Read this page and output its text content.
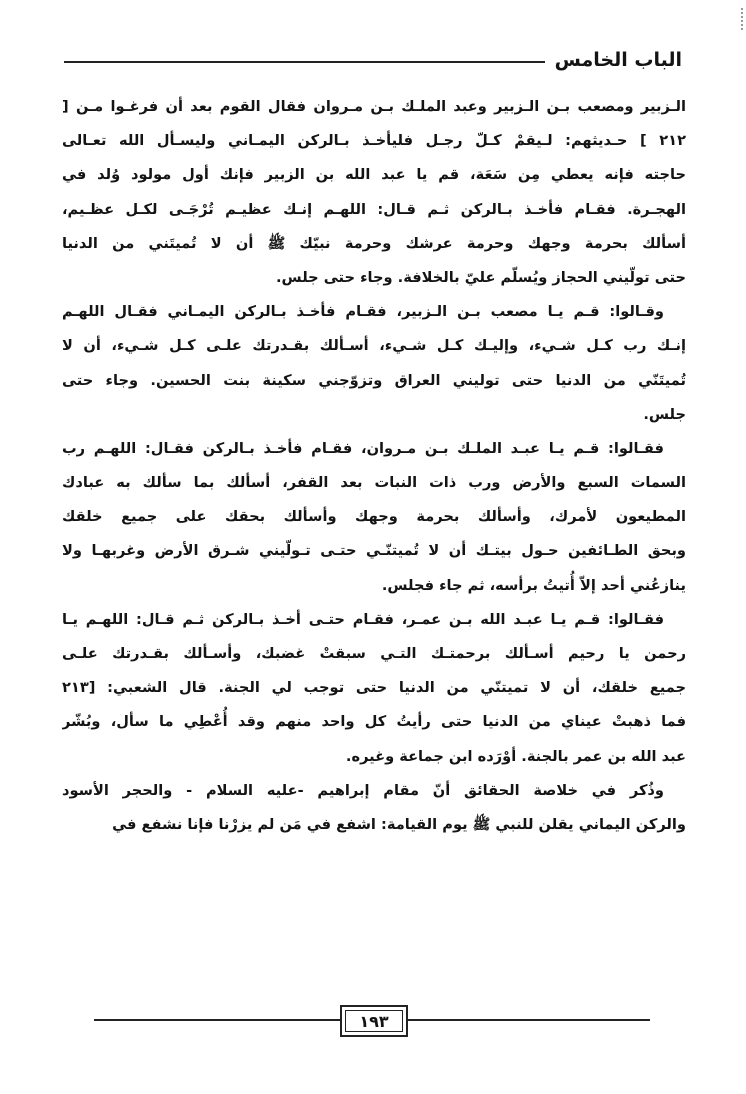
الباب الخامس
الـزبير ومصعب بـن الـزبير وعبد الملـك بـن مـروان فقال القوم بعد أن فرغـوا مـن [
٢١٢ ] حـديثهم: لـيقمْ كـلّ رجـل فليأخـذ بـالركن اليمـاني وليسـأل الله تعـالى
حاجته فإنه يعطي مِن سَعَة، قم يا عبد الله بن الزبير فإنك أول مولود وُلد في
الهجـرة. فقـام فأخـذ بـالركن ثـم قـال: اللهـم إنـك عظيـم تُرْجَـى لكـل عظـيم،
أسألك بحرمة وجهك وحرمة عرشك وحرمة نبيّك ﷺ أن لا تُميتَني من الدنيا
حتى تولّيني الحجاز ويُسلّم عليّ بالخلافة. وجاء حتى جلس.
وقـالوا: قـم يـا مصعب بـن الـزبير، فقـام فأخـذ بـالركن اليمـاني فقـال اللهـم
إنـك رب كـل شـيء، وإليـك كـل شـيء، أسـألك بقـدرتك علـى كـل شـيء، أن لا
تُميتَنّي من الدنيا حتى توليني العراق وتزوّجني سكينة بنت الحسين. وجاء حتى
جلس.
فقـالوا: قـم يـا عبـد الملـك بـن مـروان، فقـام فأخـذ بـالركن فقـال: اللهـم رب
السمات السبع والأرض ورب ذات النبات بعد القفر، أسألك بما سألك به عبادك
المطيعون لأمرك، وأسألك بحرمة وجهك وأسألك بحقك على جميع خلقك
وبحق الطـائفين حـول بيتـك أن لا تُميتنّـي حتـى تـولّيني شـرق الأرض وغربهـا ولا
ينازعُني أحد إلاّ أُتيتُ برأسه، ثم جاء فجلس.
فقـالوا: قـم يـا عبـد الله بـن عمـر، فقـام حتـى أخـذ بـالركن ثـم قـال: اللهـم يـا
رحمن يا رحيم أسـألك برحمتـك التـي سبقتْ غضبك، وأسـألك بقـدرتك علـى
جميع خلقك، أن لا تميتنّي من الدنيا حتى توجب لي الجنة. قال الشعبي: [٢١٣
فما ذهبتْ عيناي من الدنيا حتى رأيتُ كل واحد منهم وقد أُعْطِي ما سأل، وبُشّر
عبد الله بن عمر بالجنة. أوْرَده ابن جماعة وغيره.
وذُكر في خلاصة الحقائق أنّ مقام إبراهيم -عليه السلام - والحجر الأسود
والركن اليماني يقلن للنبي ﷺ يوم القيامة: اشفع في مَن لم يزرْنا فإنا نشفع في
١٩٣
